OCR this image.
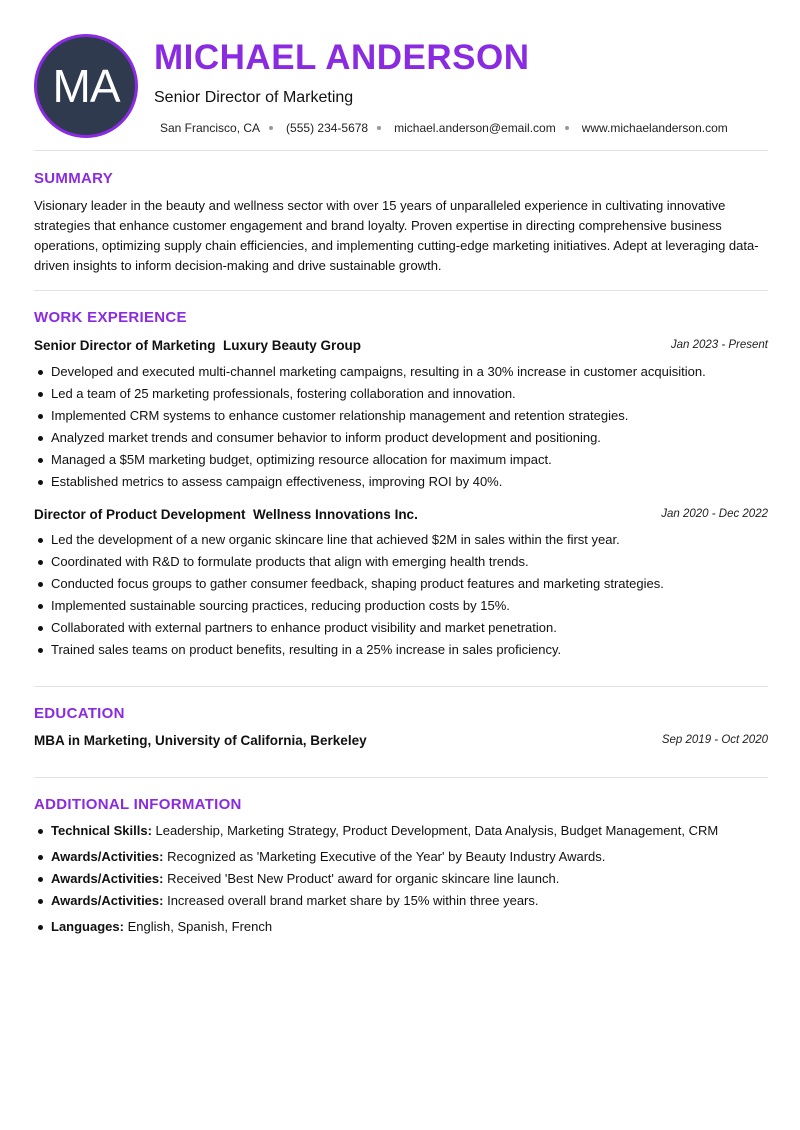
MA
MICHAEL ANDERSON
Senior Director of Marketing
San Francisco, CA (555) 234-5678 michael.anderson@email.com www.michaelanderson.com
SUMMARY

Visionary leader in the beauty and wellness sector with over 15 years of unparalleled experience in cultivating innovative strategies that enhance customer engagement and brand loyalty. Proven expertise in directing comprehensive business operations, optimizing supply chain efficiencies, and implementing cutting-edge marketing initiatives. Adept at leveraging data-driven insights to inform decision-making and drive sustainable growth.

WORK EXPERIENCE
Senior Director of Marketing  Luxury Beauty Group	Jan 2023 - Present
Developed and executed multi-channel marketing campaigns, resulting in a 30% increase in customer acquisition.
Led a team of 25 marketing professionals, fostering collaboration and innovation.
Implemented CRM systems to enhance customer relationship management and retention strategies.
Analyzed market trends and consumer behavior to inform product development and positioning.
Managed a $5M marketing budget, optimizing resource allocation for maximum impact.
Established metrics to assess campaign effectiveness, improving ROI by 40%.
Director of Product Development  Wellness Innovations Inc.	Jan 2020 - Dec 2022
Led the development of a new organic skincare line that achieved $2M in sales within the first year.
Coordinated with R&D to formulate products that align with emerging health trends.
Conducted focus groups to gather consumer feedback, shaping product features and marketing strategies.
Implemented sustainable sourcing practices, reducing production costs by 15%.
Collaborated with external partners to enhance product visibility and market penetration.
Trained sales teams on product benefits, resulting in a 25% increase in sales proficiency.
EDUCATION
MBA in Marketing, University of California, Berkeley	Sep 2019 - Oct 2020
ADDITIONAL INFORMATION
Technical Skills: Leadership, Marketing Strategy, Product Development, Data Analysis, Budget Management, CRM
Awards/Activities: Recognized as 'Marketing Executive of the Year' by Beauty Industry Awards.
Awards/Activities: Received 'Best New Product' award for organic skincare line launch.
Awards/Activities: Increased overall brand market share by 15% within three years.
Languages: English, Spanish, French
